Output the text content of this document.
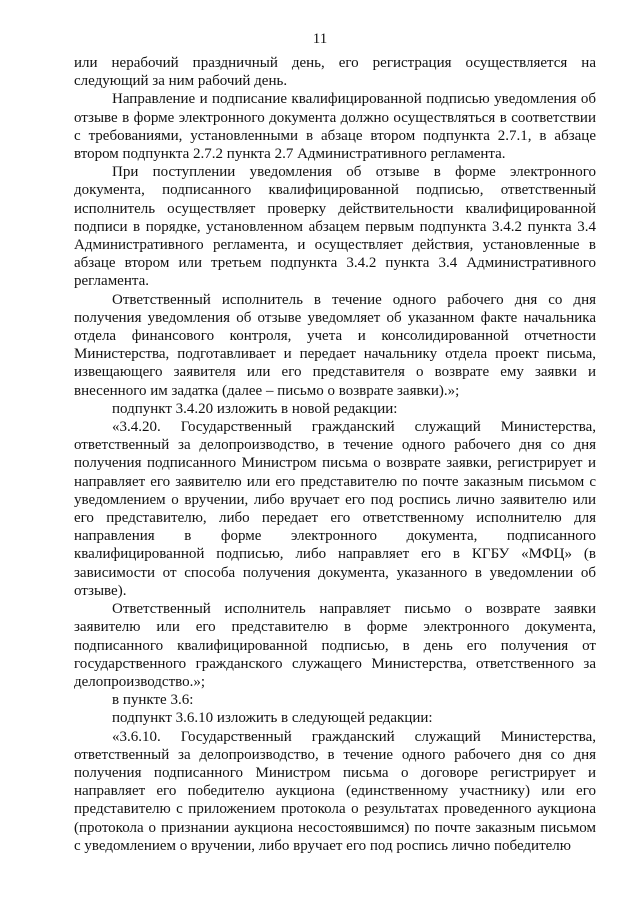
11

или нерабочий праздничный день, его регистрация осуществляется на следующий за ним рабочий день.

Направление и подписание квалифицированной подписью уведомления об отзыве в форме электронного документа должно осуществляться в соответствии с требованиями, установленными в абзаце втором подпункта 2.7.1, в абзаце втором подпункта 2.7.2 пункта 2.7 Административного регламента.

При поступлении уведомления об отзыве в форме электронного документа, подписанного квалифицированной подписью, ответственный исполнитель осуществляет проверку действительности квалифицированной подписи в порядке, установленном абзацем первым подпункта 3.4.2 пункта 3.4 Административного регламента, и осуществляет действия, установленные в абзаце втором или третьем подпункта 3.4.2 пункта 3.4 Административного регламента.

Ответственный исполнитель в течение одного рабочего дня со дня получения уведомления об отзыве уведомляет об указанном факте начальника отдела финансового контроля, учета и консолидированной отчетности Министерства, подготавливает и передает начальнику отдела проект письма, извещающего заявителя или его представителя о возврате ему заявки и внесенного им задатка (далее – письмо о возврате заявки).»;

подпункт 3.4.20 изложить в новой редакции:

«3.4.20. Государственный гражданский служащий Министерства, ответственный за делопроизводство, в течение одного рабочего дня со дня получения подписанного Министром письма о возврате заявки, регистрирует и направляет его заявителю или его представителю по почте заказным письмом с уведомлением о вручении, либо вручает его под роспись лично заявителю или его представителю, либо передает его ответственному исполнителю для направления в форме электронного документа, подписанного квалифицированной подписью, либо направляет его в КГБУ «МФЦ» (в зависимости от способа получения документа, указанного в уведомлении об отзыве).

Ответственный исполнитель направляет письмо о возврате заявки заявителю или его представителю в форме электронного документа, подписанного квалифицированной подписью, в день его получения от государственного гражданского служащего Министерства, ответственного за делопроизводство.»;

в пункте 3.6:

подпункт 3.6.10 изложить в следующей редакции:

«3.6.10. Государственный гражданский служащий Министерства, ответственный за делопроизводство, в течение одного рабочего дня со дня получения подписанного Министром письма о договоре регистрирует и направляет его победителю аукциона (единственному участнику) или его представителю с приложением протокола о результатах проведенного аукциона (протокола о признании аукциона несостоявшимся) по почте заказным письмом с уведомлением о вручении, либо вручает его под роспись лично победителю
